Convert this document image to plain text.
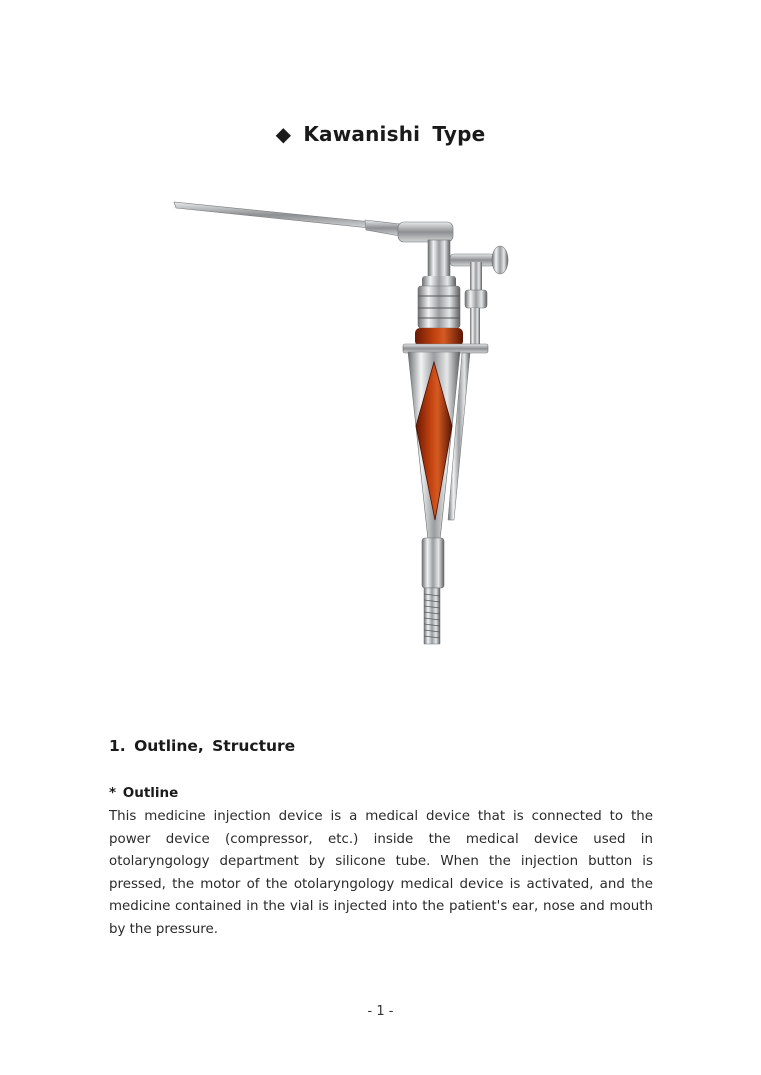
◆ Kawanishi Type
1. Outline, Structure
* Outline
This medicine injection device is a medical device that is connected to the power device (compressor, etc.) inside the medical device used in otolaryngology department by silicone tube. When the injection button is pressed, the motor of the otolaryngology medical device is activated, and the medicine contained in the vial is injected into the patient's ear, nose and mouth by the pressure.
- 1 -
